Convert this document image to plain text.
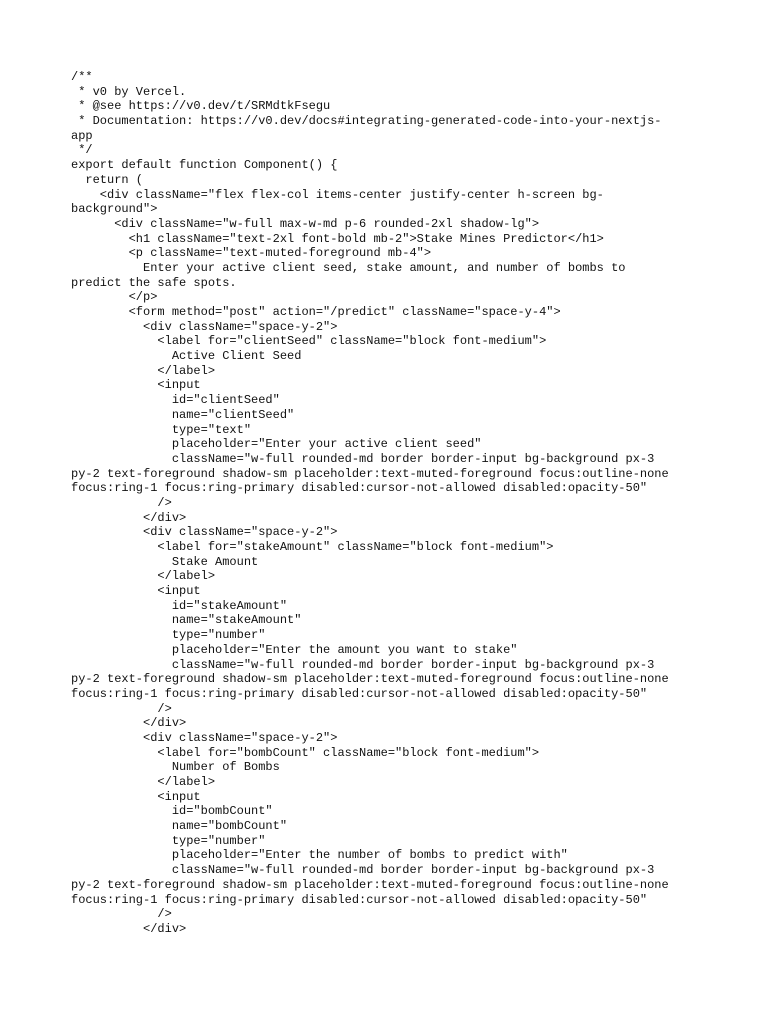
/**
* v0 by Vercel.
* @see https://v0.dev/t/SRMdtkFsegu
* Documentation: https://v0.dev/docs#integrating-generated-code-into-your-nextjs-
app
*/
export default function Component() {
return (
<div className="flex flex-col items-center justify-center h-screen bg-
background">
<div className="w-full max-w-md p-6 rounded-2xl shadow-lg">
<h1 className="text-2xl font-bold mb-2">Stake Mines Predictor</h1>
<p className="text-muted-foreground mb-4">
Enter your active client seed, stake amount, and number of bombs to
predict the safe spots.
</p>
<form method="post" action="/predict" className="space-y-4">
<div className="space-y-2">
<label for="clientSeed" className="block font-medium">
Active Client Seed
</label>
<input
id="clientSeed"
name="clientSeed"
type="text"
placeholder="Enter your active client seed"
className="w-full rounded-md border border-input bg-background px-3
py-2 text-foreground shadow-sm placeholder:text-muted-foreground focus:outline-none
focus:ring-1 focus:ring-primary disabled:cursor-not-allowed disabled:opacity-50"
/>
</div>
<div className="space-y-2">
<label for="stakeAmount" className="block font-medium">
Stake Amount
</label>
<input
id="stakeAmount"
name="stakeAmount"
type="number"
placeholder="Enter the amount you want to stake"
className="w-full rounded-md border border-input bg-background px-3
py-2 text-foreground shadow-sm placeholder:text-muted-foreground focus:outline-none
focus:ring-1 focus:ring-primary disabled:cursor-not-allowed disabled:opacity-50"
/>
</div>
<div className="space-y-2">
<label for="bombCount" className="block font-medium">
Number of Bombs
</label>
<input
id="bombCount"
name="bombCount"
type="number"
placeholder="Enter the number of bombs to predict with"
className="w-full rounded-md border border-input bg-background px-3
py-2 text-foreground shadow-sm placeholder:text-muted-foreground focus:outline-none
focus:ring-1 focus:ring-primary disabled:cursor-not-allowed disabled:opacity-50"
/>
</div>
